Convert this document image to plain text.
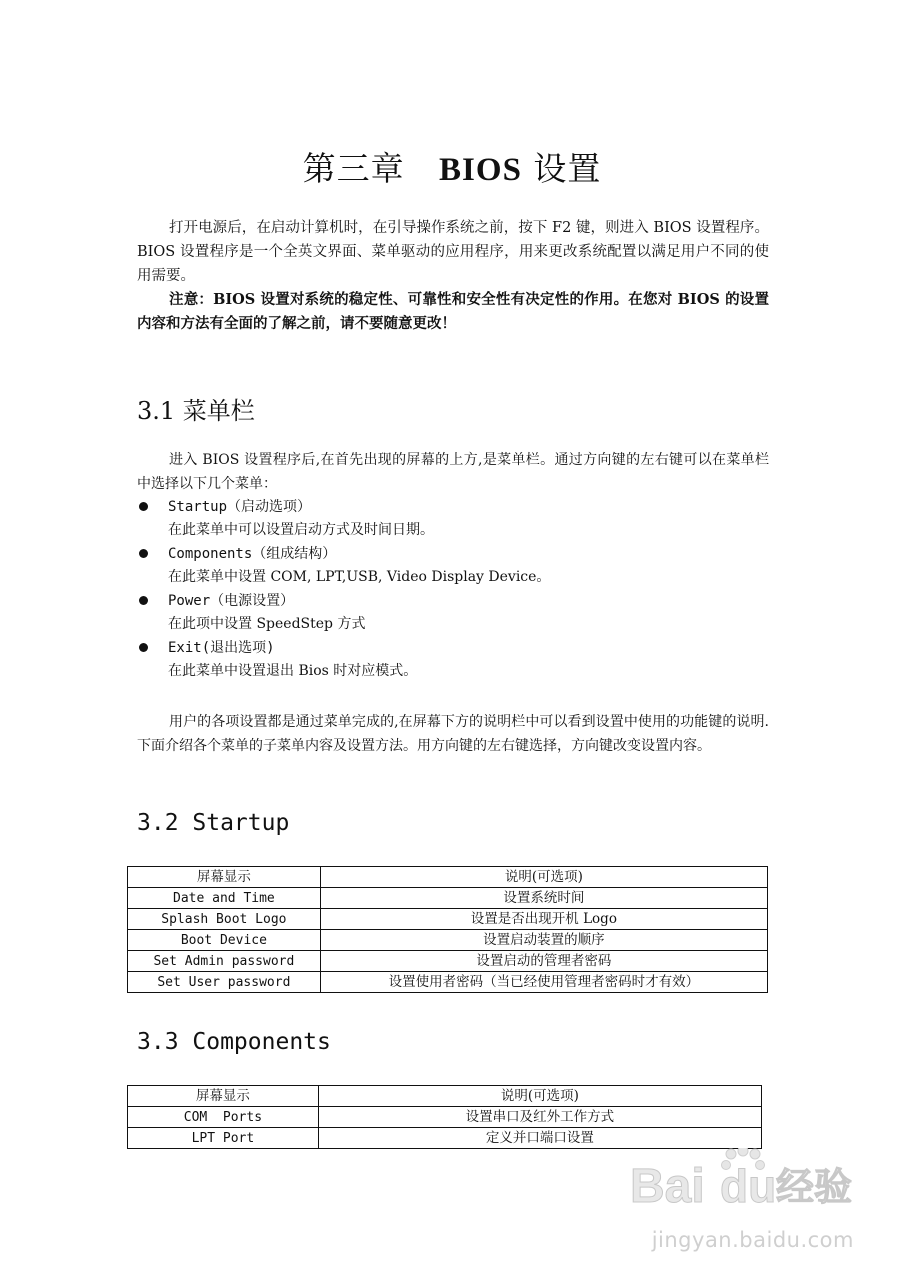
第三章 BIOS 设置
打开电源后，在启动计算机时，在引导操作系统之前，按下 F2 键，则进入 BIOS 设置程序。BIOS 设置程序是一个全英文界面、菜单驱动的应用程序，用来更改系统配置以满足用户不同的使用需要。
注意：BIOS 设置对系统的稳定性、可靠性和安全性有决定性的作用。在您对 BIOS 的设置内容和方法有全面的了解之前，请不要随意更改！
3.1 菜单栏
进入 BIOS 设置程序后,在首先出现的屏幕的上方,是菜单栏。通过方向键的左右键可以在菜单栏中选择以下几个菜单：
Startup（启动选项）
在此菜单中可以设置启动方式及时间日期。
Components（组成结构）
在此菜单中设置 COM, LPT,USB, Video Display Device。
Power（电源设置）
在此项中设置 SpeedStep 方式
Exit(退出选项)
在此菜单中设置退出 Bios 时对应模式。
用户的各项设置都是通过菜单完成的,在屏幕下方的说明栏中可以看到设置中使用的功能键的说明.下面介绍各个菜单的子菜单内容及设置方法。用方向键的左右键选择，方向键改变设置内容。
3.2 Startup
屏幕显示	说明(可选项)
Date and Time	设置系统时间
Splash Boot Logo	设置是否出现开机 Logo
Boot Device	设置启动装置的顺序
Set Admin password	设置启动的管理者密码
Set User password	设置使用者密码（当已经使用管理者密码时才有效）
3.3 Components
屏幕显示	说明(可选项)
COM  Ports	设置串口及红外工作方式
LPT Port	定义并口端口设置
Bai du 经验
jingyan.baidu.com
